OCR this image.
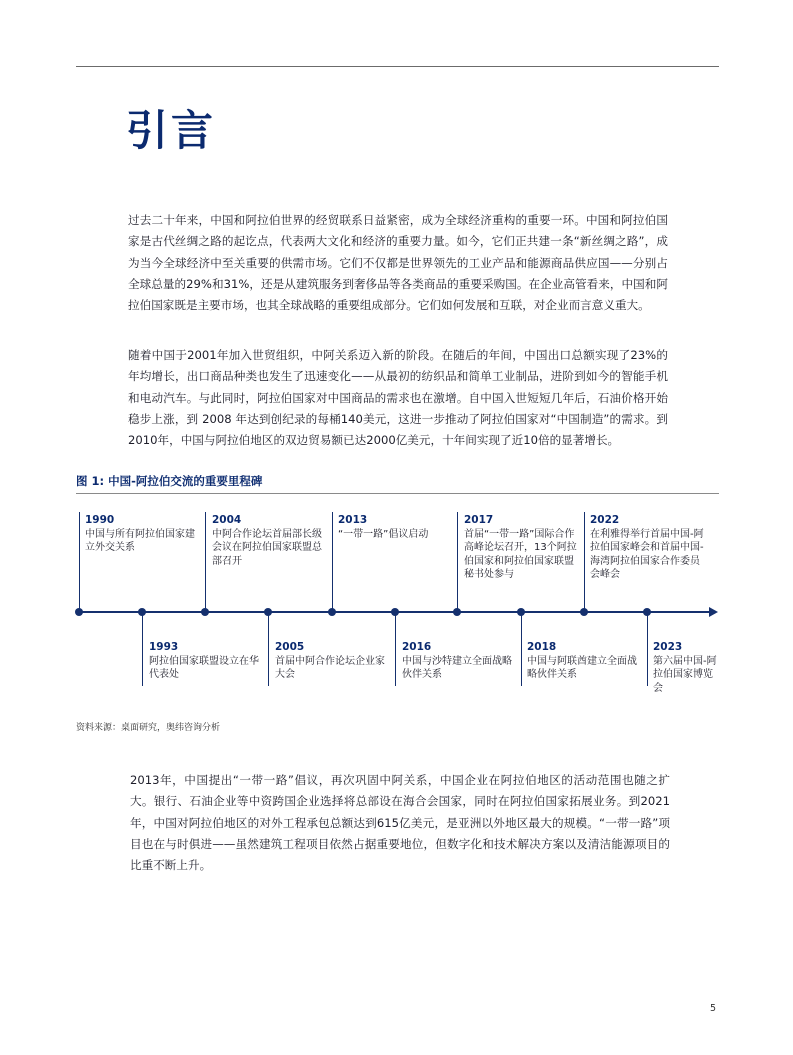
引言

过去二十年来，中国和阿拉伯世界的经贸联系日益紧密，成为全球经济重构的重要一环。中国和阿拉伯国家是古代丝绸之路的起讫点，代表两大文化和经济的重要力量。如今，它们正共建一条“新丝绸之路”，成为当今全球经济中至关重要的供需市场。它们不仅都是世界领先的工业产品和能源商品供应国——分别占全球总量的29%和31%，还是从建筑服务到奢侈品等各类商品的重要采购国。在企业高管看来，中国和阿拉伯国家既是主要市场，也其全球战略的重要组成部分。它们如何发展和互联，对企业而言意义重大。

随着中国于2001年加入世贸组织，中阿关系迈入新的阶段。在随后的年间，中国出口总额实现了23%的年均增长，出口商品种类也发生了迅速变化——从最初的纺织品和简单工业制品，进阶到如今的智能手机和电动汽车。与此同时，阿拉伯国家对中国商品的需求也在激增。自中国入世短短几年后，石油价格开始稳步上涨，到 2008 年达到创纪录的每桶140美元，这进一步推动了阿拉伯国家对“中国制造”的需求。到2010年，中国与阿拉伯地区的双边贸易额已达2000亿美元，十年间实现了近10倍的显著增长。

图 1: 中国-阿拉伯交流的重要里程碑
1990
中国与所有阿拉伯国家建立外交关系
1993
阿拉伯国家联盟设立在华代表处
2004
中阿合作论坛首届部长级会议在阿拉伯国家联盟总部召开
2005
首届中阿合作论坛企业家大会
2013
“一带一路”倡议启动
2016
中国与沙特建立全面战略伙伴关系
2017
首届“一带一路”国际合作高峰论坛召开，13个阿拉伯国家和阿拉伯国家联盟秘书处参与
2018
中国与阿联酋建立全面战略伙伴关系
2022
在利雅得举行首届中国-阿拉伯国家峰会和首届中国-海湾阿拉伯国家合作委员会峰会
2023
第六届中国-阿拉伯国家博览会
资料来源：桌面研究，奥纬咨询分析

2013年，中国提出“一带一路”倡议，再次巩固中阿关系，中国企业在阿拉伯地区的活动范围也随之扩大。银行、石油企业等中资跨国企业选择将总部设在海合会国家，同时在阿拉伯国家拓展业务。到2021年，中国对阿拉伯地区的对外工程承包总额达到615亿美元，是亚洲以外地区最大的规模。“一带一路”项目也在与时俱进——虽然建筑工程项目依然占据重要地位，但数字化和技术解决方案以及清洁能源项目的比重不断上升。

5
